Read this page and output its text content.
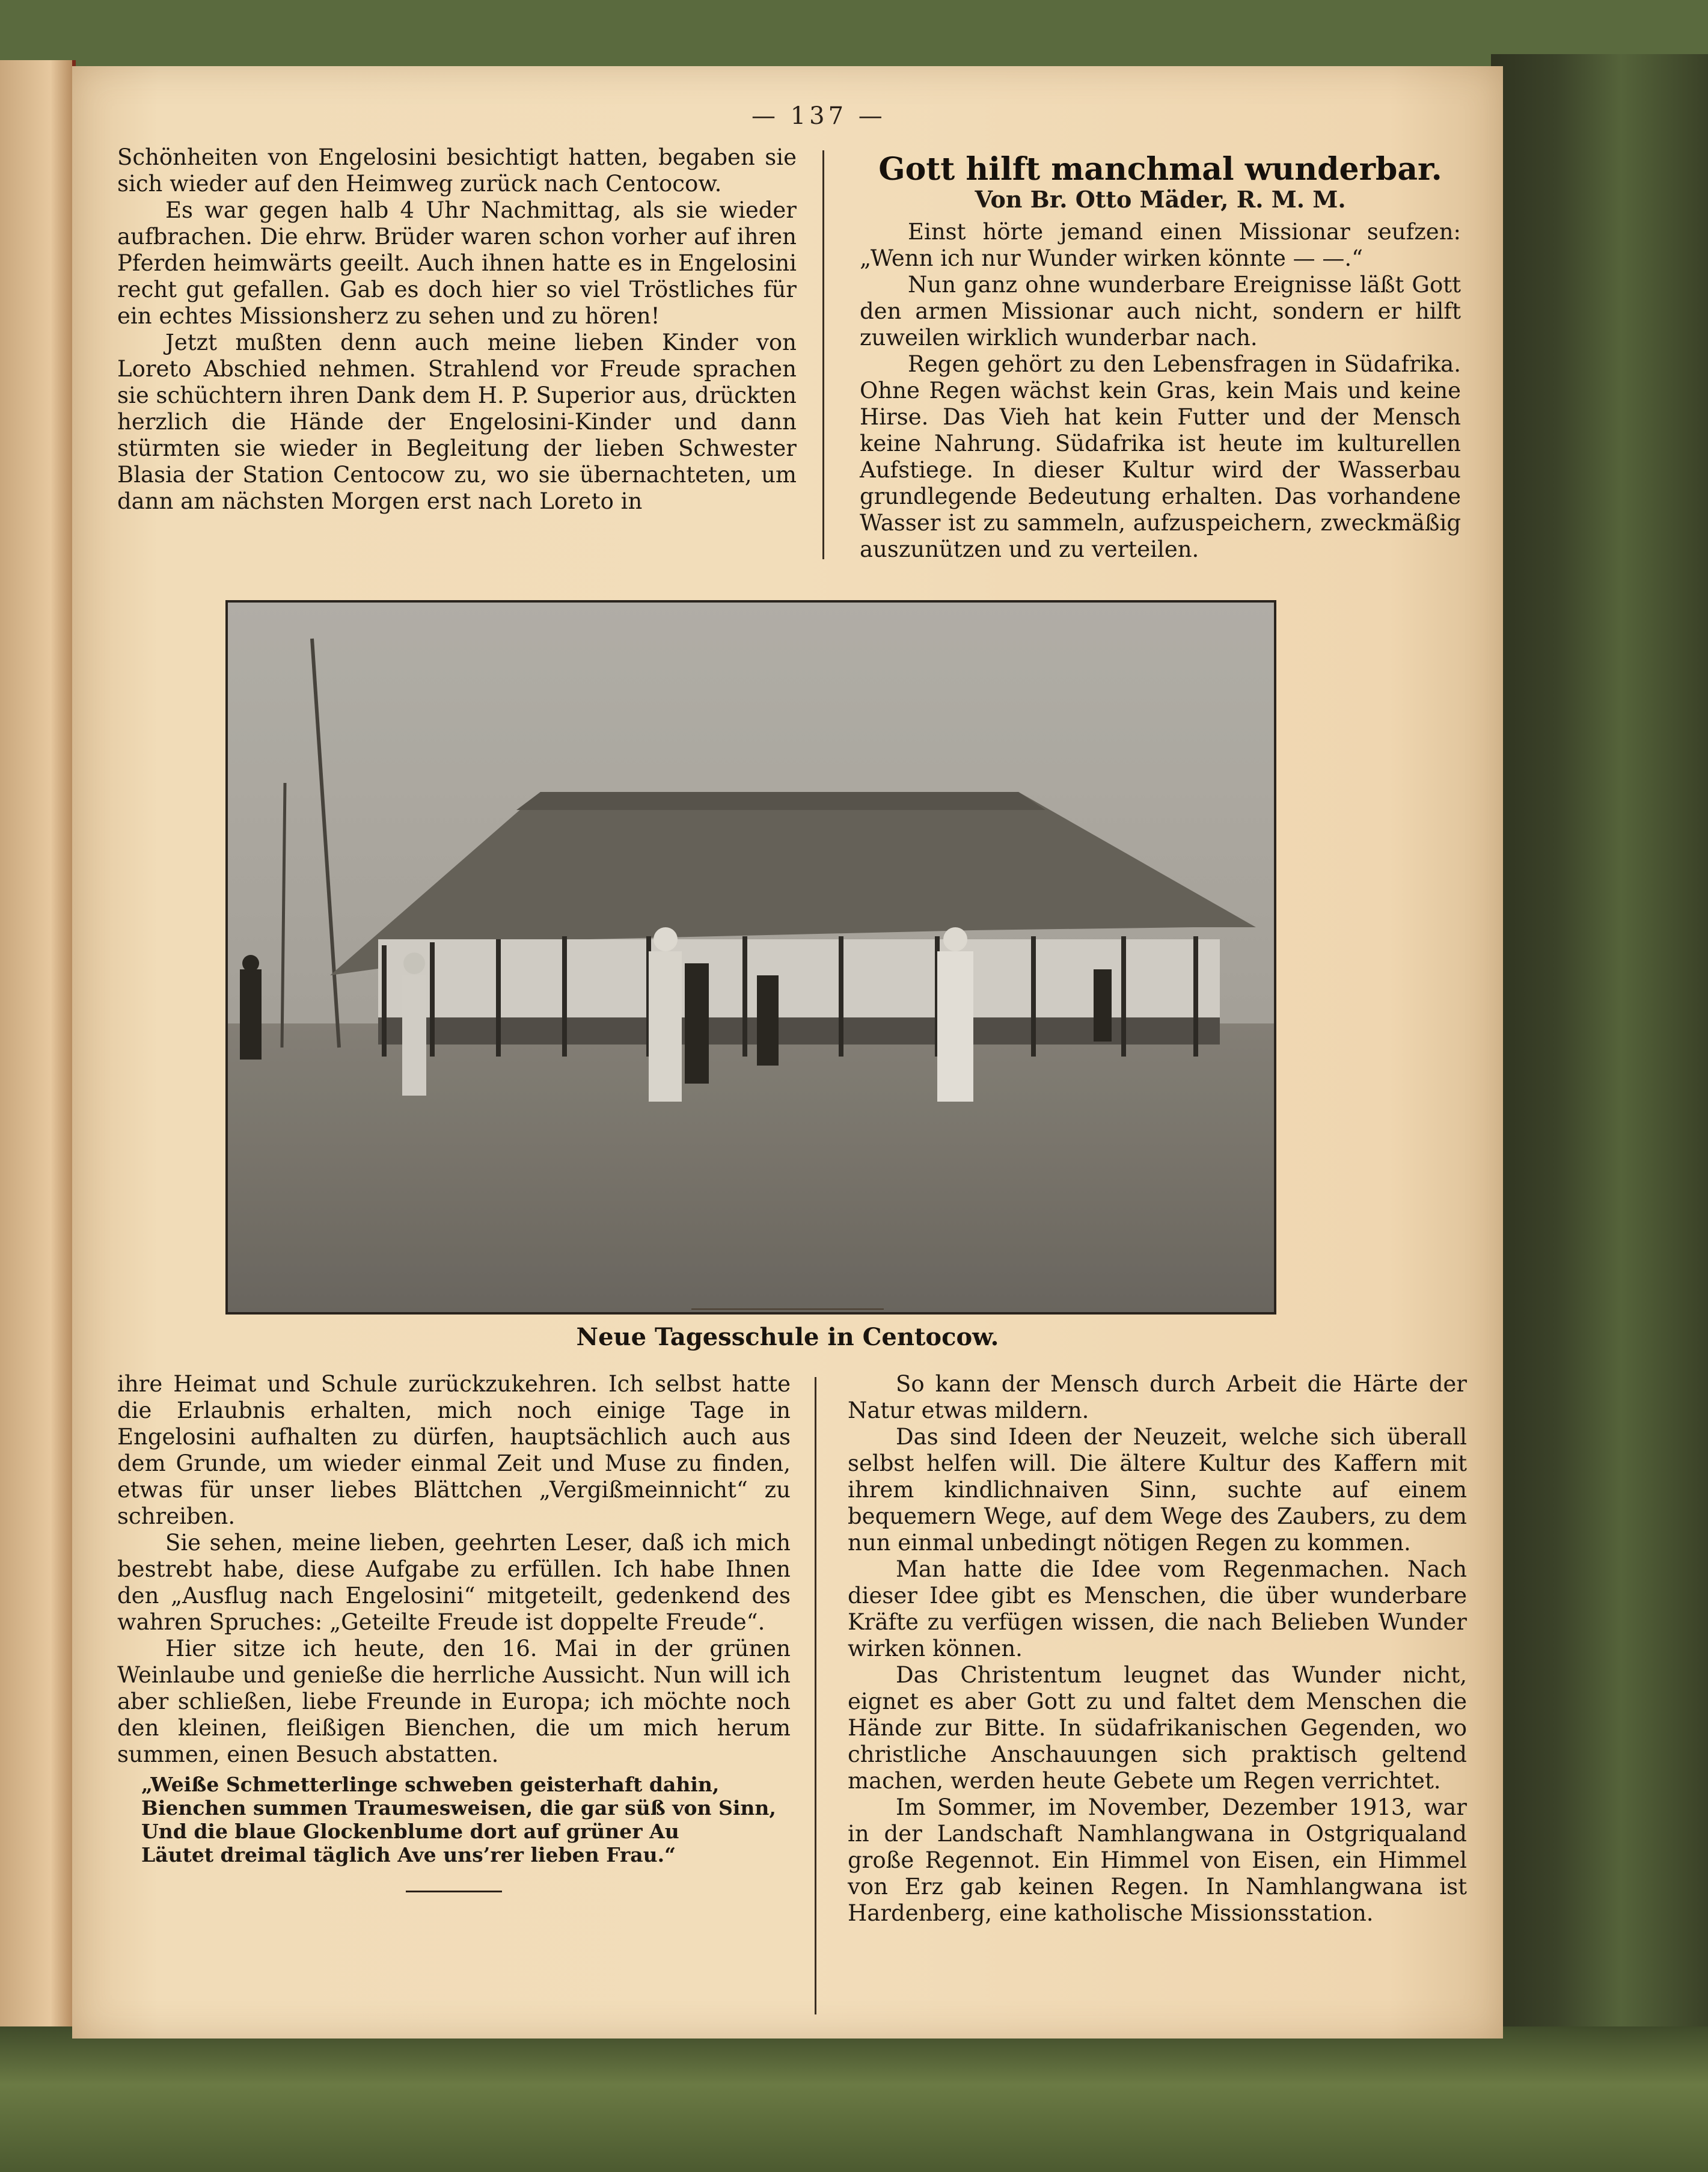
— 137 —

Schönheiten von Engelosini besichtigt hatten, begaben sie sich wieder auf den Heimweg zurück nach Centocow.

Es war gegen halb 4 Uhr Nachmittag, als sie wieder aufbrachen. Die ehrw. Brüder waren schon vorher auf ihren Pferden heimwärts geeilt. Auch ihnen hatte es in Engelosini recht gut gefallen. Gab es doch hier so viel Tröstliches für ein echtes Missionsherz zu sehen und zu hören!

Jetzt mußten denn auch meine lieben Kinder von Loreto Abschied nehmen. Strahlend vor Freude sprachen sie schüchtern ihren Dank dem H. P. Superior aus, drückten herzlich die Hände der Engelosini-Kinder und dann stürmten sie wieder in Begleitung der lieben Schwester Blasia der Station Centocow zu, wo sie übernachteten, um dann am nächsten Morgen erst nach Loreto in

Gott hilft manchmal wunderbar.
Von Br. Otto Mäder, R. M. M.

Einst hörte jemand einen Missionar seufzen: „Wenn ich nur Wunder wirken könnte — —.“

Nun ganz ohne wunderbare Ereignisse läßt Gott den armen Missionar auch nicht, sondern er hilft zuweilen wirklich wunderbar nach.

Regen gehört zu den Lebensfragen in Südafrika. Ohne Regen wächst kein Gras, kein Mais und keine Hirse. Das Vieh hat kein Futter und der Mensch keine Nahrung. Südafrika ist heute im kulturellen Aufstiege. In dieser Kultur wird der Wasserbau grundlegende Bedeutung erhalten. Das vorhandene Wasser ist zu sammeln, aufzuspeichern, zweckmäßig auszunützen und zu verteilen.

Neue Tagesschule in Centocow.

ihre Heimat und Schule zurückzukehren. Ich selbst hatte die Erlaubnis erhalten, mich noch einige Tage in Engelosini aufhalten zu dürfen, hauptsächlich auch aus dem Grunde, um wieder einmal Zeit und Muse zu finden, etwas für unser liebes Blättchen „Vergißmeinnicht“ zu schreiben.

Sie sehen, meine lieben, geehrten Leser, daß ich mich bestrebt habe, diese Aufgabe zu erfüllen. Ich habe Ihnen den „Ausflug nach Engelosini“ mitgeteilt, gedenkend des wahren Spruches: „Geteilte Freude ist doppelte Freude“.

Hier sitze ich heute, den 16. Mai in der grünen Weinlaube und genieße die herrliche Aussicht. Nun will ich aber schließen, liebe Freunde in Europa; ich möchte noch den kleinen, fleißigen Bienchen, die um mich herum summen, einen Besuch abstatten.

„Weiße Schmetterlinge schweben geisterhaft dahin,
Bienchen summen Traumesweisen, die gar süß von Sinn,
Und die blaue Glockenblume dort auf grüner Au
Läutet dreimal täglich Ave uns’rer lieben Frau.“

So kann der Mensch durch Arbeit die Härte der Natur etwas mildern.

Das sind Ideen der Neuzeit, welche sich überall selbst helfen will. Die ältere Kultur des Kaffern mit ihrem kindlichnaiven Sinn, suchte auf einem bequemern Wege, auf dem Wege des Zaubers, zu dem nun einmal unbedingt nötigen Regen zu kommen.

Man hatte die Idee vom Regenmachen. Nach dieser Idee gibt es Menschen, die über wunderbare Kräfte zu verfügen wissen, die nach Belieben Wunder wirken können.

Das Christentum leugnet das Wunder nicht, eignet es aber Gott zu und faltet dem Menschen die Hände zur Bitte. In südafrikanischen Gegenden, wo christliche Anschauungen sich praktisch geltend machen, werden heute Gebete um Regen verrichtet.

Im Sommer, im November, Dezember 1913, war in der Landschaft Namhlangwana in Ostgriqualand große Regennot. Ein Himmel von Eisen, ein Himmel von Erz gab keinen Regen. In Namhlangwana ist Hardenberg, eine katholische Missionsstation.
